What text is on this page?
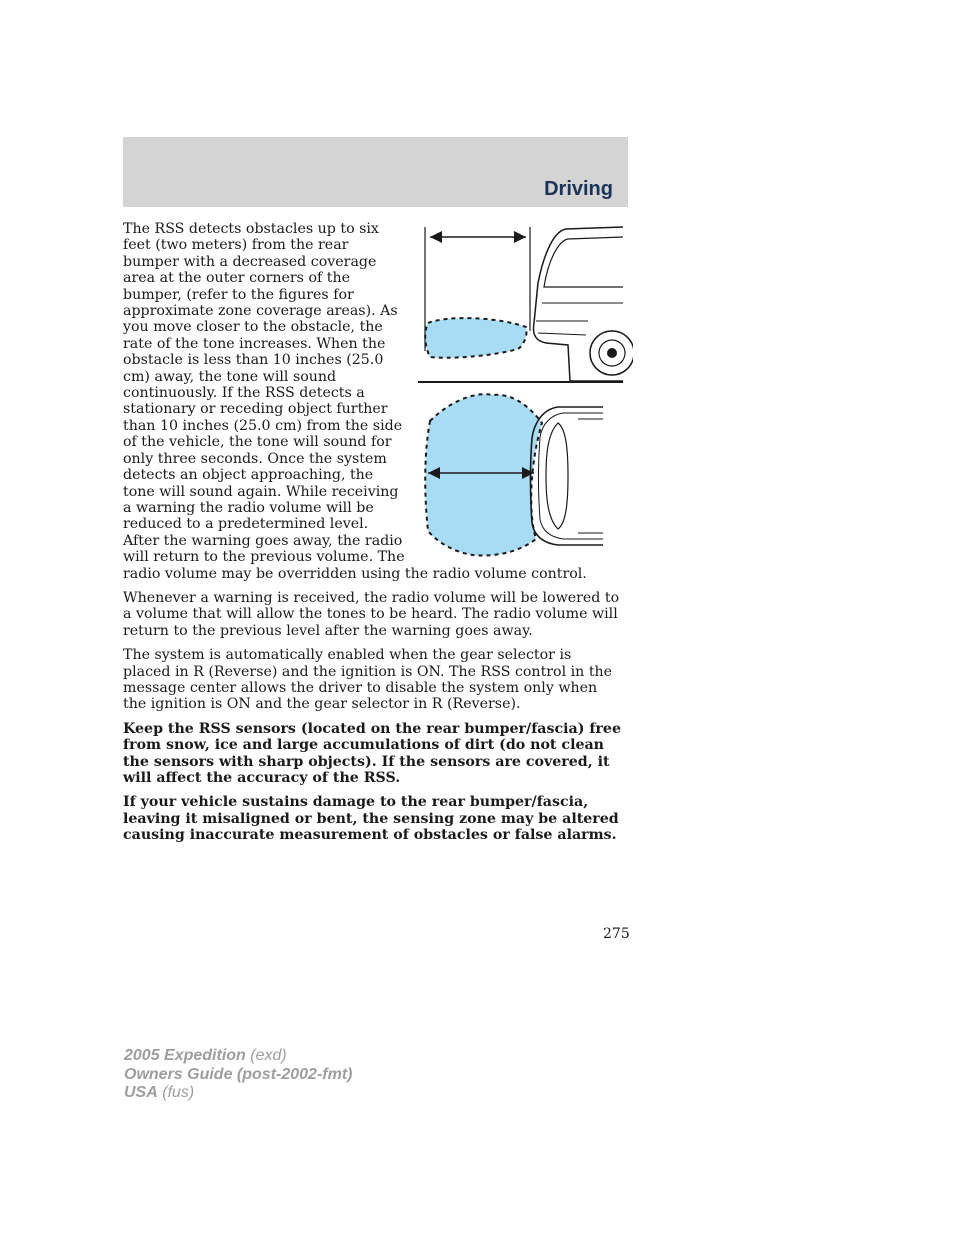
Driving

The RSS detects obstacles up to six feet (two meters) from the rear bumper with a decreased coverage area at the outer corners of the bumper, (refer to the figures for approximate zone coverage areas). As you move closer to the obstacle, the rate of the tone increases. When the obstacle is less than 10 inches (25.0 cm) away, the tone will sound continuously. If the RSS detects a stationary or receding object further than 10 inches (25.0 cm) from the side of the vehicle, the tone will sound for only three seconds. Once the system detects an object approaching, the tone will sound again. While receiving a warning the radio volume will be reduced to a predetermined level. After the warning goes away, the radio will return to the previous volume. The radio volume may be overridden using the radio volume control.

Whenever a warning is received, the radio volume will be lowered to a volume that will allow the tones to be heard. The radio volume will return to the previous level after the warning goes away.

The system is automatically enabled when the gear selector is placed in R (Reverse) and the ignition is ON. The RSS control in the message center allows the driver to disable the system only when the ignition is ON and the gear selector in R (Reverse).

Keep the RSS sensors (located on the rear bumper/fascia) free from snow, ice and large accumulations of dirt (do not clean the sensors with sharp objects). If the sensors are covered, it will affect the accuracy of the RSS.

If your vehicle sustains damage to the rear bumper/fascia, leaving it misaligned or bent, the sensing zone may be altered causing inaccurate measurement of obstacles or false alarms.

275
2005 Expedition (exd)
Owners Guide (post-2002-fmt)
USA (fus)
